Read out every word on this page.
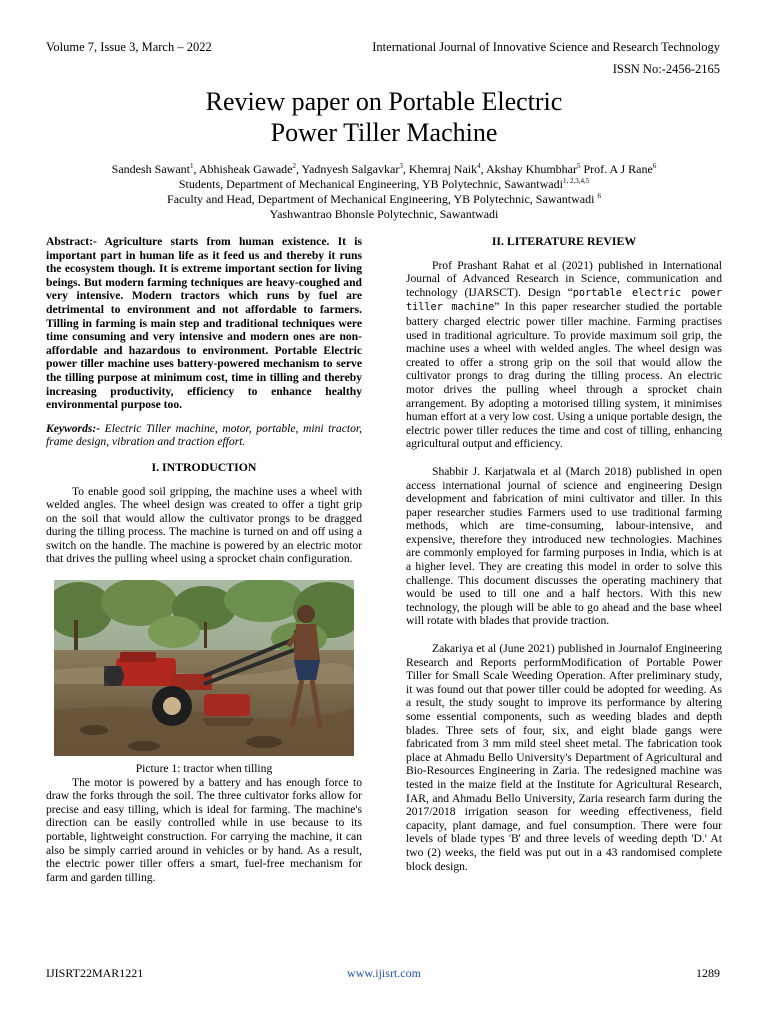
Volume 7, Issue 3, March – 2022	International Journal of Innovative Science and Research Technology
ISSN No:-2456-2165
Review paper on Portable Electric
Power Tiller Machine
Sandesh Sawant$^1$, Abhisheak Gawade$^2$, Yadnyesh Salgavkar$^3$, Khemraj Naik$^4$, Akshay Khumbhar$^5$ Prof. A J Rane$^6$
Students, Department of Mechanical Engineering, YB Polytechnic, Sawantwadi$^{1, 2,3,4,5}$
Faculty and Head, Department of Mechanical Engineering, YB Polytechnic, Sawantwadi $^6$
Yashwantrao Bhonsle Polytechnic, Sawantwadi

Abstract:- Agriculture starts from human existence. It is important part in human life as it feed us and thereby it runs the ecosystem though. It is extreme important section for living beings. But modern farming techniques are heavy-coughed and very intensive. Modern tractors which runs by fuel are detrimental to environment and not affordable to farmers. Tilling in farming is main step and traditional techniques were time consuming and very intensive and modern ones are non-affordable and hazardous to environment. Portable Electric power tiller machine uses battery-powered mechanism to serve the tilling purpose at minimum cost, time in tilling and thereby increasing productivity, efficiency to enhance healthy environmental purpose too.

Keywords:- Electric Tiller machine, motor, portable, mini tractor, frame design, vibration and traction effort.

I. INTRODUCTION

To enable good soil gripping, the machine uses a wheel with welded angles. The wheel design was created to offer a tight grip on the soil that would allow the cultivator prongs to be dragged during the tilling process. The machine is turned on and off using a switch on the handle. The machine is powered by an electric motor that drives the pulling wheel using a sprocket chain configuration.

Picture 1: tractor when tilling

The motor is powered by a battery and has enough force to draw the forks through the soil. The three cultivator forks allow for precise and easy tilling, which is ideal for farming. The machine's direction can be easily controlled while in use because to its portable, lightweight construction. For carrying the machine, it can also be simply carried around in vehicles or by hand. As a result, the electric power tiller offers a smart, fuel-free mechanism for farm and garden tilling.

II. LITERATURE REVIEW

Prof Prashant Rahat et al (2021) published in International Journal of Advanced Research in Science, communication and technology (IJARSCT). Design “portable electric power tiller machine” In this paper researcher studied the portable battery charged electric power tiller machine. Farming practises used in traditional agriculture. To provide maximum soil grip, the machine uses a wheel with welded angles. The wheel design was created to offer a strong grip on the soil that would allow the cultivator prongs to drag during the tilling process. An electric motor drives the pulling wheel through a sprocket chain arrangement. By adopting a motorised tilling system, it minimises human effort at a very low cost. Using a unique portable design, the electric power tiller reduces the time and cost of tilling, enhancing agricultural output and efficiency.

Shabbir J. Karjatwala et al (March 2018) published in open access international journal of science and engineering Design development and fabrication of mini cultivator and tiller. In this paper researcher studies Farmers used to use traditional farming methods, which are time-consuming, labour-intensive, and expensive, therefore they introduced new technologies. Machines are commonly employed for farming purposes in India, which is at a higher level. They are creating this model in order to solve this challenge. This document discusses the operating machinery that would be used to till one and a half hectors. With this new technology, the plough will be able to go ahead and the base wheel will rotate with blades that provide traction.

Zakariya et al (June 2021) published in Journalof Engineering Research and Reports performModification of Portable Power Tiller for Small Scale Weeding Operation. After preliminary study, it was found out that power tiller could be adopted for weeding. As a result, the study sought to improve its performance by altering some essential components, such as weeding blades and depth blades. Three sets of four, six, and eight blade gangs were fabricated from 3 mm mild steel sheet metal. The fabrication took place at Ahmadu Bello University's Department of Agricultural and Bio-Resources Engineering in Zaria. The redesigned machine was tested in the maize field at the Institute for Agricultural Research, IAR, and Ahmadu Bello University, Zaria research farm during the 2017/2018 irrigation season for weeding effectiveness, field capacity, plant damage, and fuel consumption. There were four levels of blade types 'B' and three levels of weeding depth 'D.' At two (2) weeks, the field was put out in a 43 randomised complete block design.

IJISRT22MAR1221	www.ijisrt.com	1289
